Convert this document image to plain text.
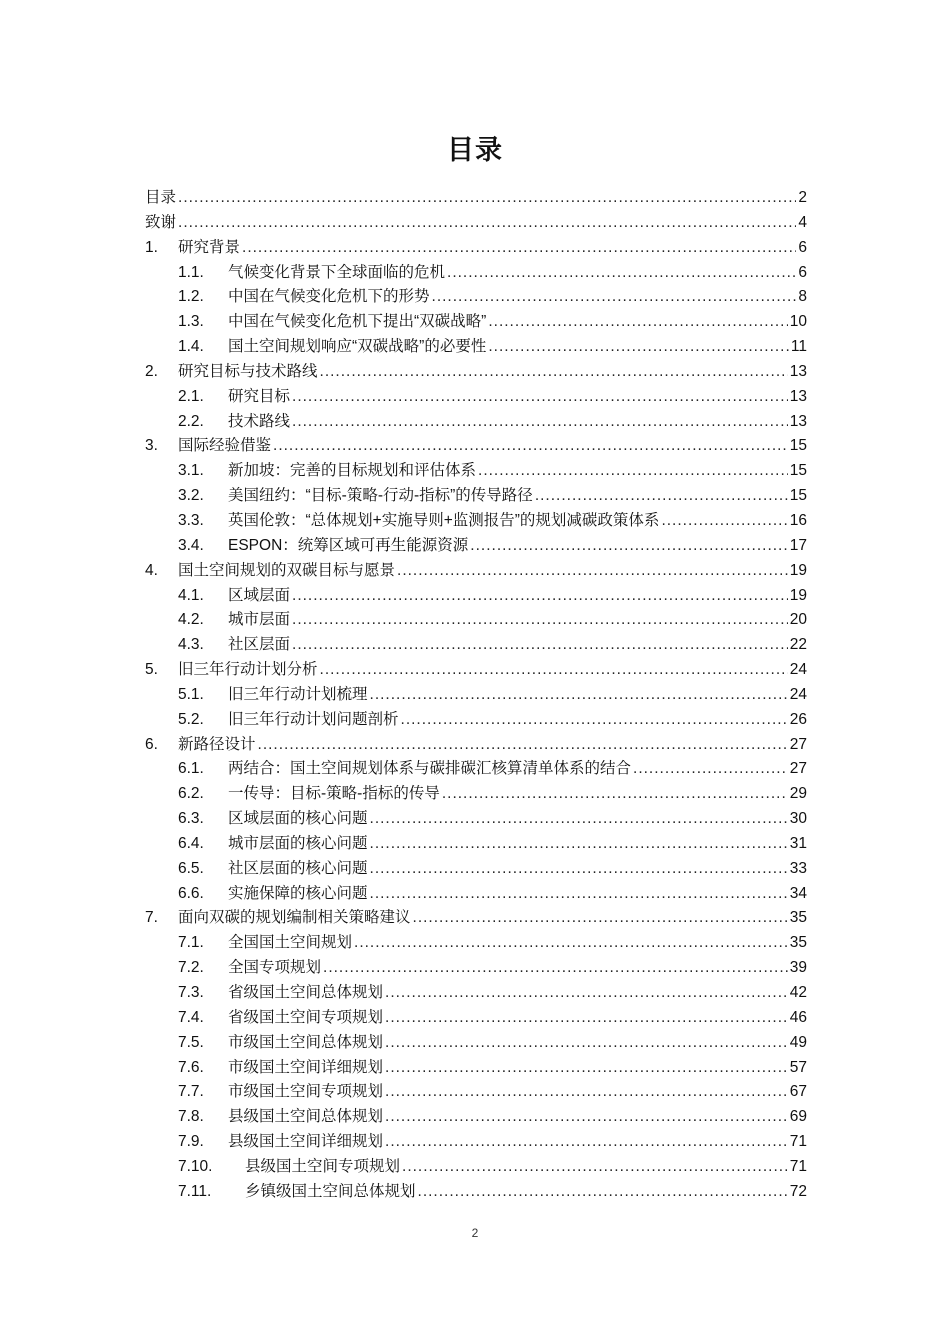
目录
目录 .....	2
致谢 .....	4
1.	研究背景 .....	6
1.1.	气候变化背景下全球面临的危机 .....	6
1.2.	中国在气候变化危机下的形势 .....	8
1.3.	中国在气候变化危机下提出“双碳战略” .....	10
1.4.	国土空间规划响应“双碳战略”的必要性 .....	11
2.	研究目标与技术路线 .....	13
2.1.	研究目标 .....	13
2.2.	技术路线 .....	13
3.	国际经验借鉴 .....	15
3.1.	新加坡：完善的目标规划和评估体系 .....	15
3.2.	美国纽约：“目标-策略-行动-指标”的传导路径 .....	15
3.3.	英国伦敦：“总体规划+实施导则+监测报告”的规划减碳政策体系 .....	16
3.4.	ESPON：统筹区域可再生能源资源 .....	17
4.	国土空间规划的双碳目标与愿景 .....	19
4.1.	区域层面 .....	19
4.2.	城市层面 .....	20
4.3.	社区层面 .....	22
5.	旧三年行动计划分析 .....	24
5.1.	旧三年行动计划梳理 .....	24
5.2.	旧三年行动计划问题剖析 .....	26
6.	新路径设计 .....	27
6.1.	两结合：国土空间规划体系与碳排碳汇核算清单体系的结合 .....	27
6.2.	一传导：目标-策略-指标的传导 .....	29
6.3.	区域层面的核心问题 .....	30
6.4.	城市层面的核心问题 .....	31
6.5.	社区层面的核心问题 .....	33
6.6.	实施保障的核心问题 .....	34
7.	面向双碳的规划编制相关策略建议 .....	35
7.1.	全国国土空间规划 .....	35
7.2.	全国专项规划 .....	39
7.3.	省级国土空间总体规划 .....	42
7.4.	省级国土空间专项规划 .....	46
7.5.	市级国土空间总体规划 .....	49
7.6.	市级国土空间详细规划 .....	57
7.7.	市级国土空间专项规划 .....	67
7.8.	县级国土空间总体规划 .....	69
7.9.	县级国土空间详细规划 .....	71
7.10.	县级国土空间专项规划 .....	71
7.11.	乡镇级国土空间总体规划 .....	72
2
